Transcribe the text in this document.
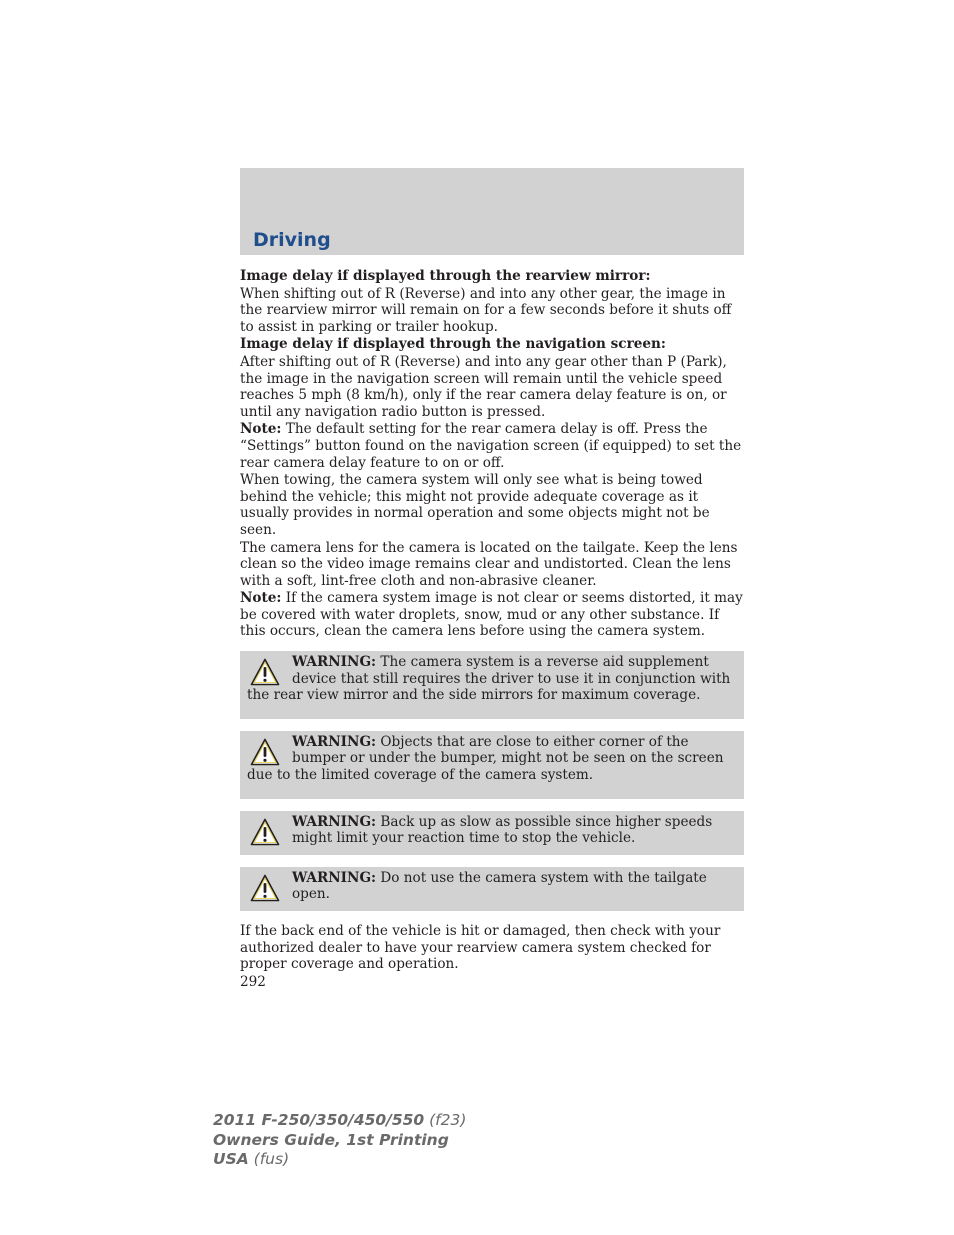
Driving

Image delay if displayed through the rearview mirror:

When shifting out of R (Reverse) and into any other gear, the image in the rearview mirror will remain on for a few seconds before it shuts off to assist in parking or trailer hookup.

Image delay if displayed through the navigation screen:

After shifting out of R (Reverse) and into any gear other than P (Park), the image in the navigation screen will remain until the vehicle speed reaches 5 mph (8 km/h), only if the rear camera delay feature is on, or until any navigation radio button is pressed.

Note: The default setting for the rear camera delay is off. Press the “Settings” button found on the navigation screen (if equipped) to set the rear camera delay feature to on or off.

When towing, the camera system will only see what is being towed behind the vehicle; this might not provide adequate coverage as it usually provides in normal operation and some objects might not be seen.

The camera lens for the camera is located on the tailgate. Keep the lens clean so the video image remains clear and undistorted. Clean the lens with a soft, lint-free cloth and non-abrasive cleaner.

Note: If the camera system image is not clear or seems distorted, it may be covered with water droplets, snow, mud or any other substance. If this occurs, clean the camera lens before using the camera system.

WARNING: The camera system is a reverse aid supplement device that still requires the driver to use it in conjunction with the rear view mirror and the side mirrors for maximum coverage.
WARNING: Objects that are close to either corner of the bumper or under the bumper, might not be seen on the screen due to the limited coverage of the camera system.
WARNING: Back up as slow as possible since higher speeds might limit your reaction time to stop the vehicle.
WARNING: Do not use the camera system with the tailgate open.

If the back end of the vehicle is hit or damaged, then check with your authorized dealer to have your rearview camera system checked for proper coverage and operation.

292

2011 F-250/350/450/550 (f23)
Owners Guide, 1st Printing
USA (fus)
